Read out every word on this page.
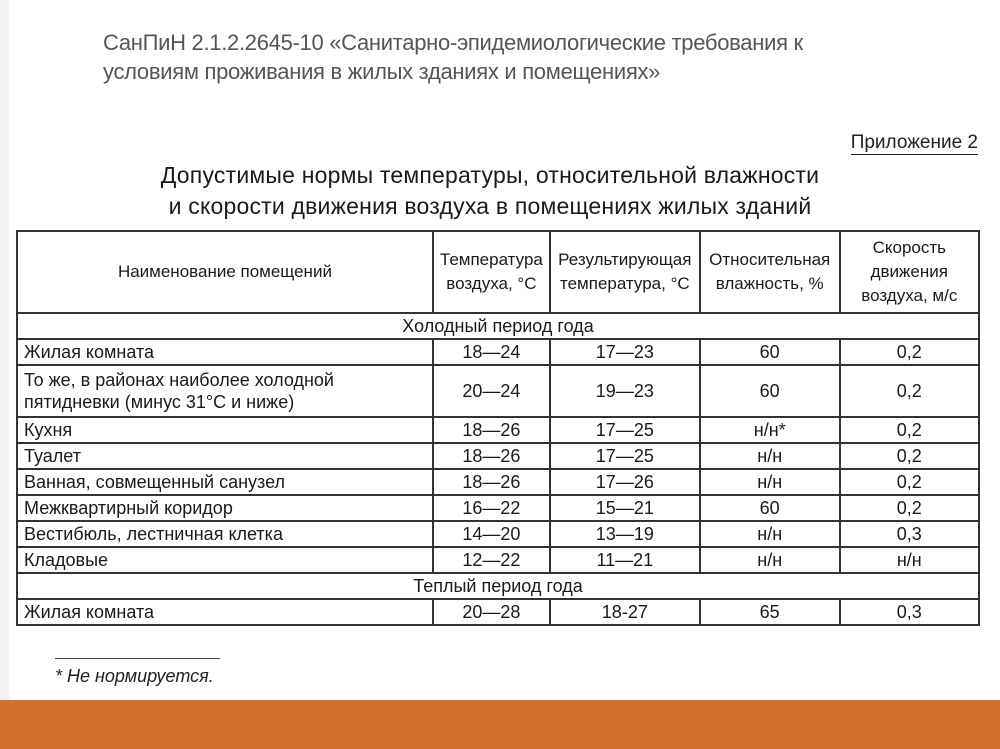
СанПиН 2.1.2.2645-10 «Санитарно-эпидемиологические требования к условиям проживания в жилых зданиях и помещениях»
Приложение 2
Допустимые нормы температуры, относительной влажности
и скорости движения воздуха в помещениях жилых зданий
Наименование помещений	Температура воздуха, °С	Результирующая температура, °С	Относительная влажность, %	Скорость движения воздуха, м/с
Холодный период года				
Жилая комната	18—24	17—23	60	0,2
То же, в районах наиболее холодной пятидневки (минус 31°С и ниже)	20—24	19—23	60	0,2
Кухня	18—26	17—25	н/н*	0,2
Туалет	18—26	17—25	н/н	0,2
Ванная, совмещенный санузел	18—26	17—26	н/н	0,2
Межквартирный коридор	16—22	15—21	60	0,2
Вестибюль, лестничная клетка	14—20	13—19	н/н	0,3
Кладовые	12—22	11—21	н/н	н/н
Теплый период года				
Жилая комната	20—28	18-27	65	0,3
* Не нормируется.
